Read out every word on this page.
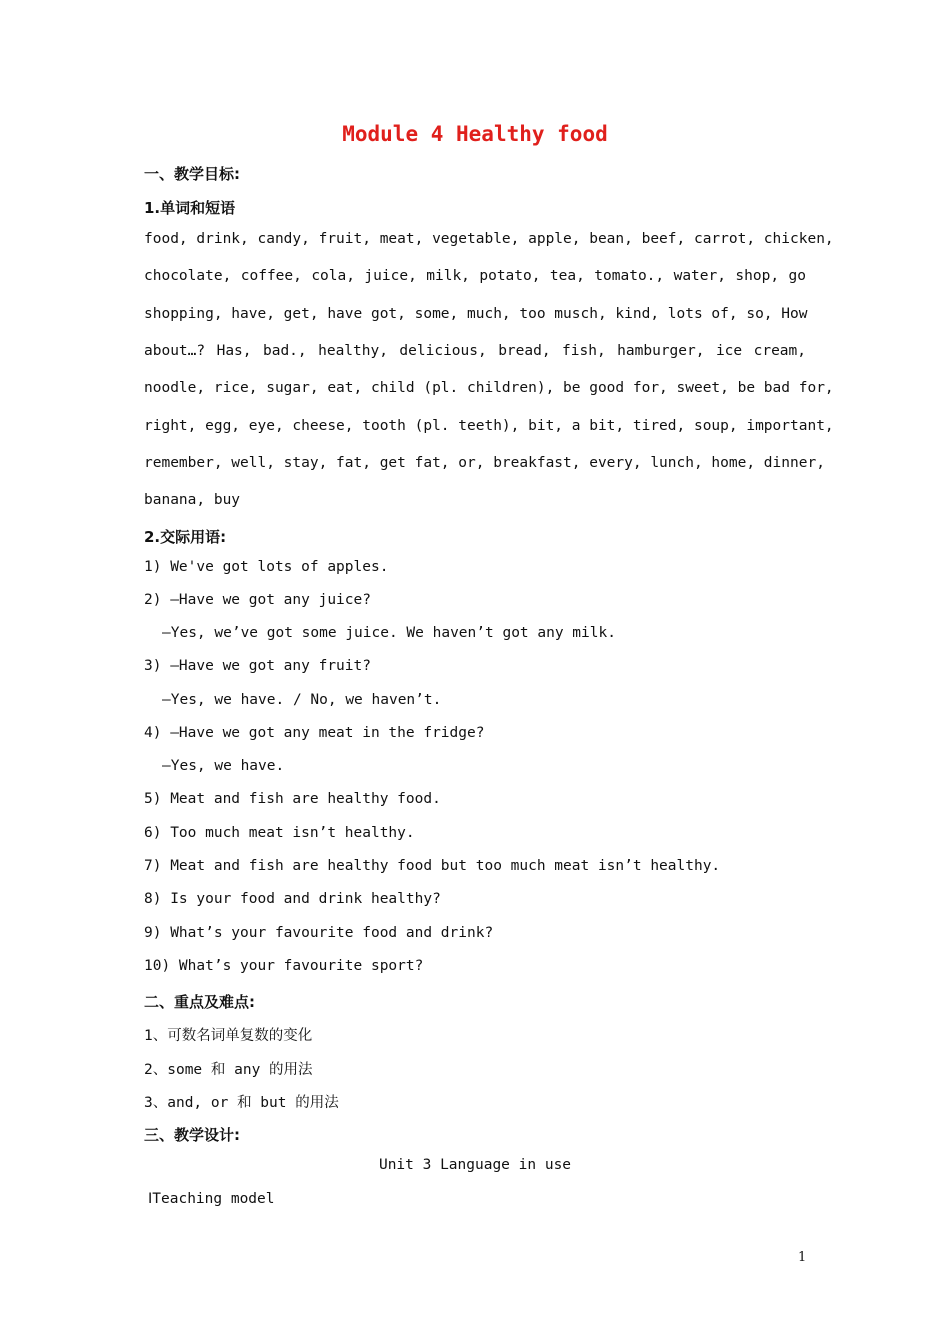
Module 4 Healthy food
一、教学目标:
1.单词和短语
food, drink, candy, fruit, meat, vegetable, apple, bean, beef, carrot, chicken,
chocolate, coffee, cola, juice, milk, potato, tea, tomato., water, shop, go
shopping, have, get, have got, some, much, too musch, kind, lots of, so, How
about…? Has, bad., healthy, delicious, bread, fish, hamburger, ice cream,
noodle, rice, sugar, eat, child (pl. children), be good for, sweet, be bad for,
right, egg, eye, cheese, tooth (pl. teeth), bit, a bit, tired, soup, important,
remember, well, stay, fat, get fat, or, breakfast, every, lunch, home, dinner,
banana, buy
2.交际用语:
1) We've got lots of apples.
2) —Have we got any juice?
—Yes, we’ve got some juice. We haven’t got any milk.
3) —Have we got any fruit?
—Yes, we have. / No, we haven’t.
4) —Have we got any meat in the fridge?
—Yes, we have.
5) Meat and fish are healthy food.
6) Too much meat isn’t healthy.
7) Meat and fish are healthy food but too much meat isn’t healthy.
8) Is your food and drink healthy?
9) What’s your favourite food and drink?
10) What’s your favourite sport?
二、重点及难点:
1、可数名词单复数的变化
2、some 和 any 的用法
3、and, or 和 but 的用法
三、教学设计:
Unit 3 Language in use
ⅠTeaching model
1
